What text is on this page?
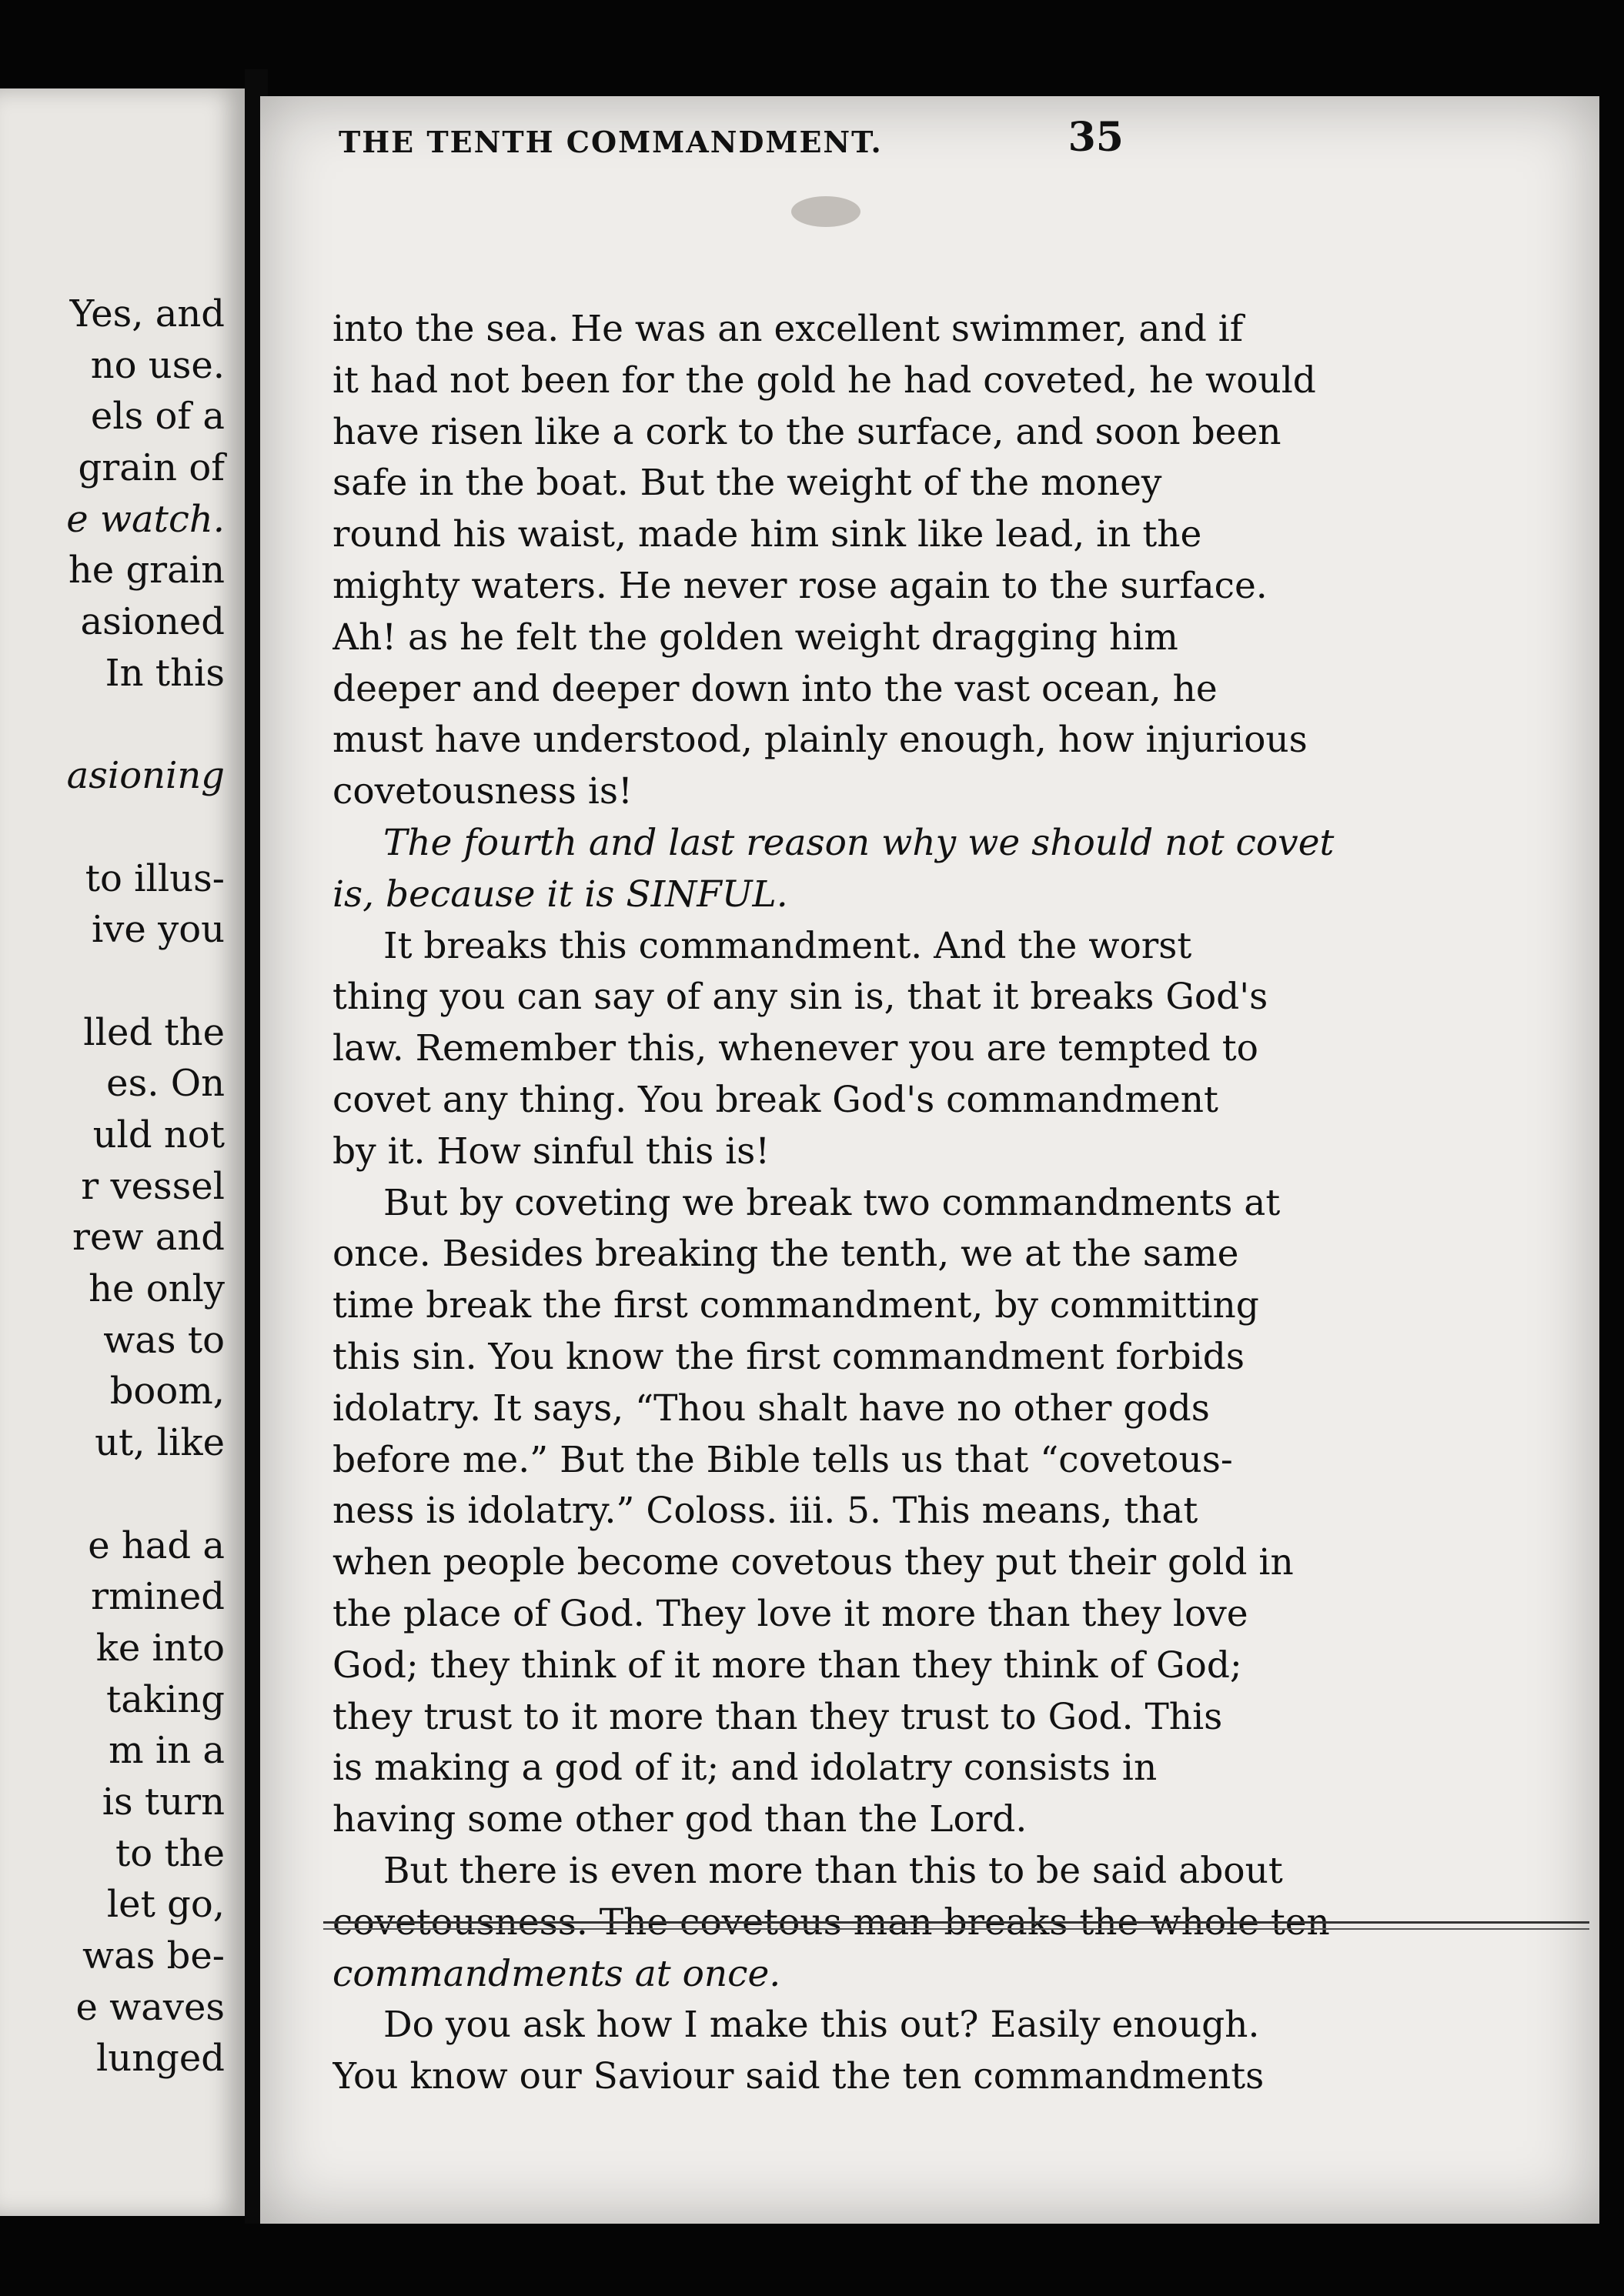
Yes, and
no use.
els of a
grain of
e watch.
he grain
asioned
In this
asioning
to illus-
ive you
lled the
es. On
uld not
r vessel
rew and
he only
was to
boom,
ut, like
e had a
rmined
ke into
taking
m in a
is turn
to the
let go,
was be-
e waves
lunged
THE TENTH COMMANDMENT.	35
into the sea. He was an excellent swimmer, and if
it had not been for the gold he had coveted, he would
have risen like a cork to the surface, and soon been
safe in the boat. But the weight of the money
round his waist, made him sink like lead, in the
mighty waters. He never rose again to the surface.
Ah! as he felt the golden weight dragging him
deeper and deeper down into the vast ocean, he
must have understood, plainly enough, how injurious
covetousness is!
The fourth and last reason why we should not covet
is, because it is SINFUL.
It breaks this commandment. And the worst
thing you can say of any sin is, that it breaks God's
law. Remember this, whenever you are tempted to
covet any thing. You break God's commandment
by it. How sinful this is!
But by coveting we break two commandments at
once. Besides breaking the tenth, we at the same
time break the first commandment, by committing
this sin. You know the first commandment forbids
idolatry. It says, “Thou shalt have no other gods
before me.” But the Bible tells us that “covetous-
ness is idolatry.” Coloss. iii. 5. This means, that
when people become covetous they put their gold in
the place of God. They love it more than they love
God; they think of it more than they think of God;
they trust to it more than they trust to God. This
is making a god of it; and idolatry consists in
having some other god than the Lord.
But there is even more than this to be said about
commandments at once.
Do you ask how I make this out? Easily enough.
You know our Saviour said the ten commandments
